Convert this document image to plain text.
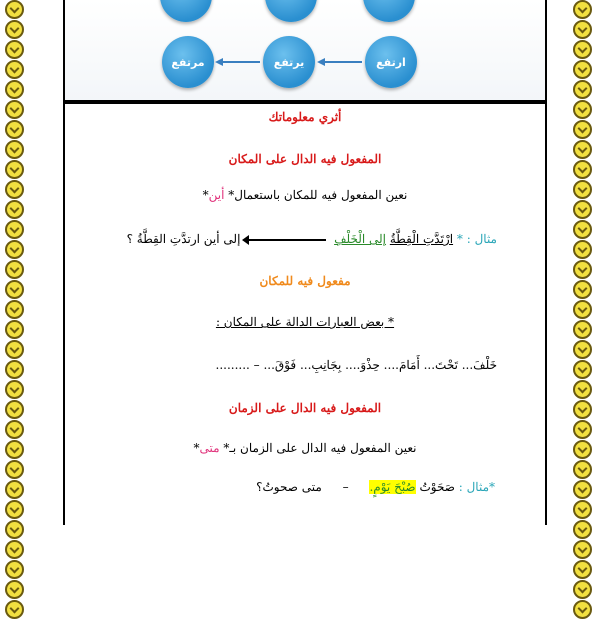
ارتفع
يرتفع
مرتفع
أثري معلوماتك
المفعول فيه الدال على المكان
نعين المفعول فيه للمكان باستعمال* أين*
مثال : * ارْتَدَّتِ الْقِطَّةُ إلى الْخَلْفِ
إلى أين ارتدَّتِ القِطَّةُ ؟
مفعول فيه للمكان
* بعض العبارات الدالة على المكان :
خَلْفَ... تَحْتَ... أَمَامَ.... حِذْوَ.... بِجَانِبِ... فَوْقَ... – .........
المفعول فيه الدال على الزمان
نعين المفعول فيه الدال على الزمان بـ* متى*
*مثال : صَحَوْتُ صُبْحَ يَوْمٍ. – متى صحوتُ؟
